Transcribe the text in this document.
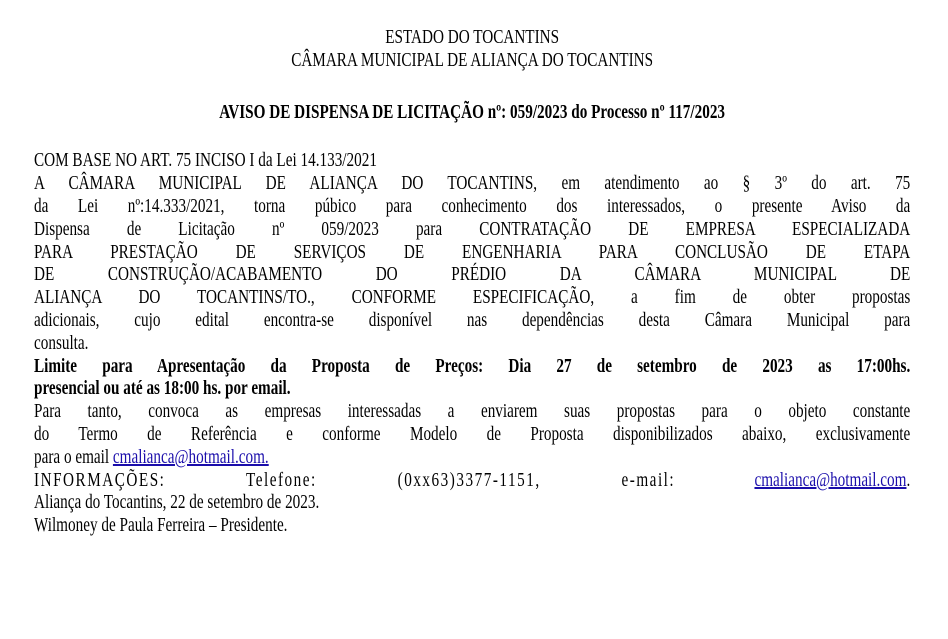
ESTADO DO TOCANTINS
CÂMARA MUNICIPAL DE ALIANÇA DO TOCANTINS
AVISO DE DISPENSA DE LICITAÇÃO nº: 059/2023 do Processo nº 117/2023
COM BASE NO ART. 75 INCISO I da Lei 14.133/2021
A CÂMARA MUNICIPAL DE ALIANÇA DO TOCANTINS, em atendimento ao § 3º do art. 75
da Lei nº:14.333/2021, torna púbico para conhecimento dos interessados, o presente Aviso da
Dispensa de Licitação nº 059/2023 para CONTRATAÇÃO DE EMPRESA ESPECIALIZADA
PARA PRESTAÇÃO DE SERVIÇOS DE ENGENHARIA PARA CONCLUSÃO DE ETAPA
DE CONSTRUÇÃO/ACABAMENTO DO PRÉDIO DA CÂMARA MUNICIPAL DE
ALIANÇA DO TOCANTINS/TO., CONFORME ESPECIFICAÇÃO, a fim de obter propostas
adicionais, cujo edital encontra-se disponível nas dependências desta Câmara Municipal para
consulta.
Limite para Apresentação da Proposta de Preços: Dia 27 de setembro de 2023 as 17:00hs.
presencial ou até as 18:00 hs. por email.
Para tanto, convoca as empresas interessadas a enviarem suas propostas para o objeto constante
do Termo de Referência e conforme Modelo de Proposta disponibilizados abaixo, exclusivamente
para o email cmalianca@hotmail.com.
INFORMAÇÕES: Telefone: (0xx63)3377-1151, e-mail:	cmalianca@hotmail.com.
Aliança do Tocantins, 22 de setembro de 2023.
Wilmoney de Paula Ferreira – Presidente.
